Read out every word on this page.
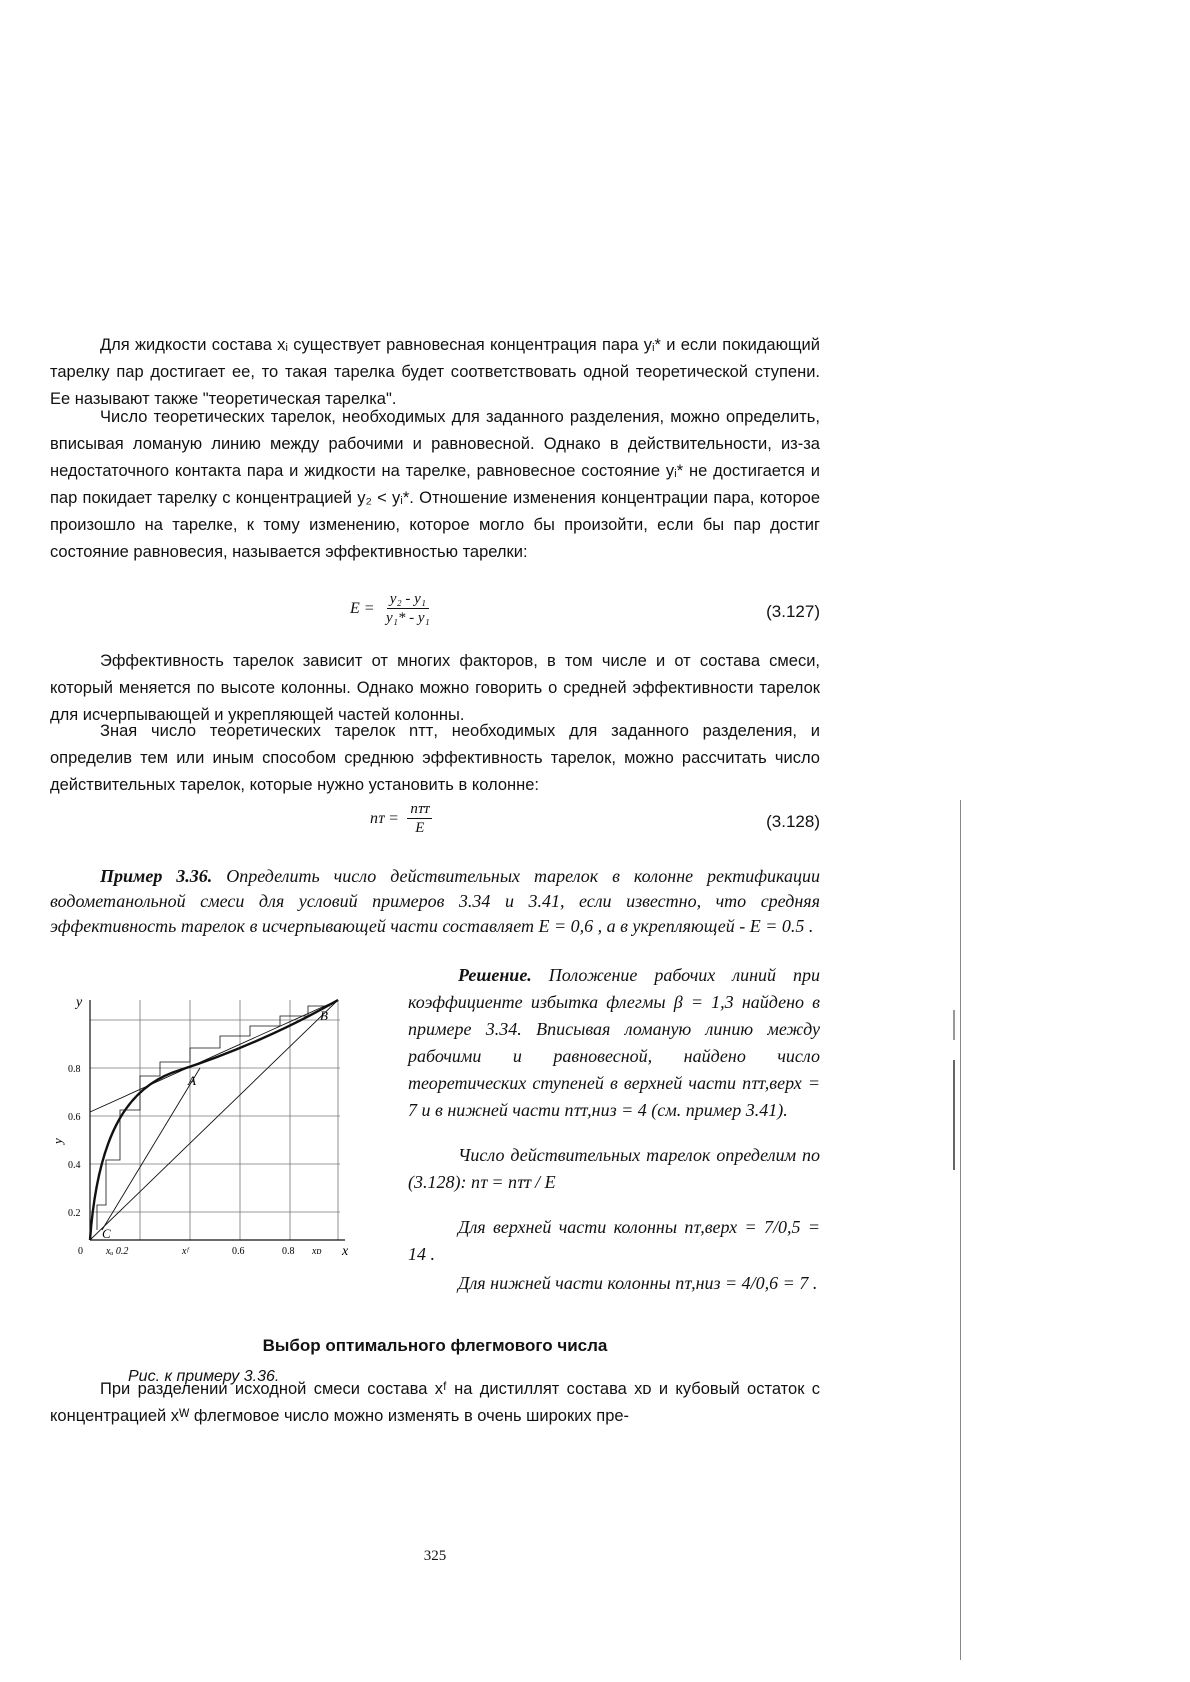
Для жидкости состава xᵢ существует равновесная концентрация пара yᵢ* и если покидающий тарелку пар достигает ее, то такая тарелка будет соответствовать одной теоретической ступени. Ее называют также "теоретическая тарелка".

Число теоретических тарелок, необходимых для заданного разделения, можно определить, вписывая ломаную линию между рабочими и равновесной. Однако в действительности, из-за недостаточного контакта пара и жидкости на тарелке, равновесное состояние yᵢ* не достигается и пар покидает тарелку с концентрацией y₂ < yᵢ*. Отношение изменения концентрации пара, которое произошло на тарелке, к тому изменению, которое могло бы произойти, если бы пар достиг состояние равновесия, называется эффективностью тарелки:

$E = \frac{\text{y₂ - y₁}}{\text{y₁* - y₁}}$	(3.127)

Эффективность тарелок зависит от многих факторов, в том числе и от состава смеси, который меняется по высоте колонны. Однако можно говорить о средней эффективности тарелок для исчерпывающей и укрепляющей частей колонны.

Зная число теоретических тарелок nᴛᴛ, необходимых для заданного разделения, и определив тем или иным способом среднюю эффективность тарелок, можно рассчитать число действительных тарелок, которые нужно установить в колонне:

nᴛ = $\frac{\text{nᴛᴛ}}{E}$	(3.128)

Пример 3.36. Определить число действительных тарелок в колонне ректификации водометанольной смеси для условий примеров 3.34 и 3.41, если известно, что средняя эффективность тарелок в исчерпывающей части составляет E = 0,6 , а в укрепляющей - E = 0.5 .

Решение. Положение рабочих линий при коэффициенте избытка флегмы β = 1,3 найдено в примере 3.34. Вписывая ломаную линию между рабочими и равновесной, найдено число теоретических ступеней в верхней части nᴛᴛ,верх = 7 и в нижней части nᴛᴛ,низ = 4 (см. пример 3.41).

Число действительных тарелок определим по (3.128): nᴛ = nᴛᴛ / E

Для верхней части колонны nᴛ,верх = 7/0,5 = 14 .

Для нижней части колонны nᴛ,низ = 4/0,6 = 7 .

y
x
y
0.8
0.6
0.4
0.2
0 xᵤ 0.2	xᶠ	0.6	0.8 xᴅ
A
B
C
Рис. к примеру 3.36.
Выбор оптимального флегмового числа

При разделении исходной смеси состава xᶠ на дистиллят состава xᴅ и кубовый остаток с концентрацией xᵂ флегмовое число можно изменять в очень широких пре-

325
